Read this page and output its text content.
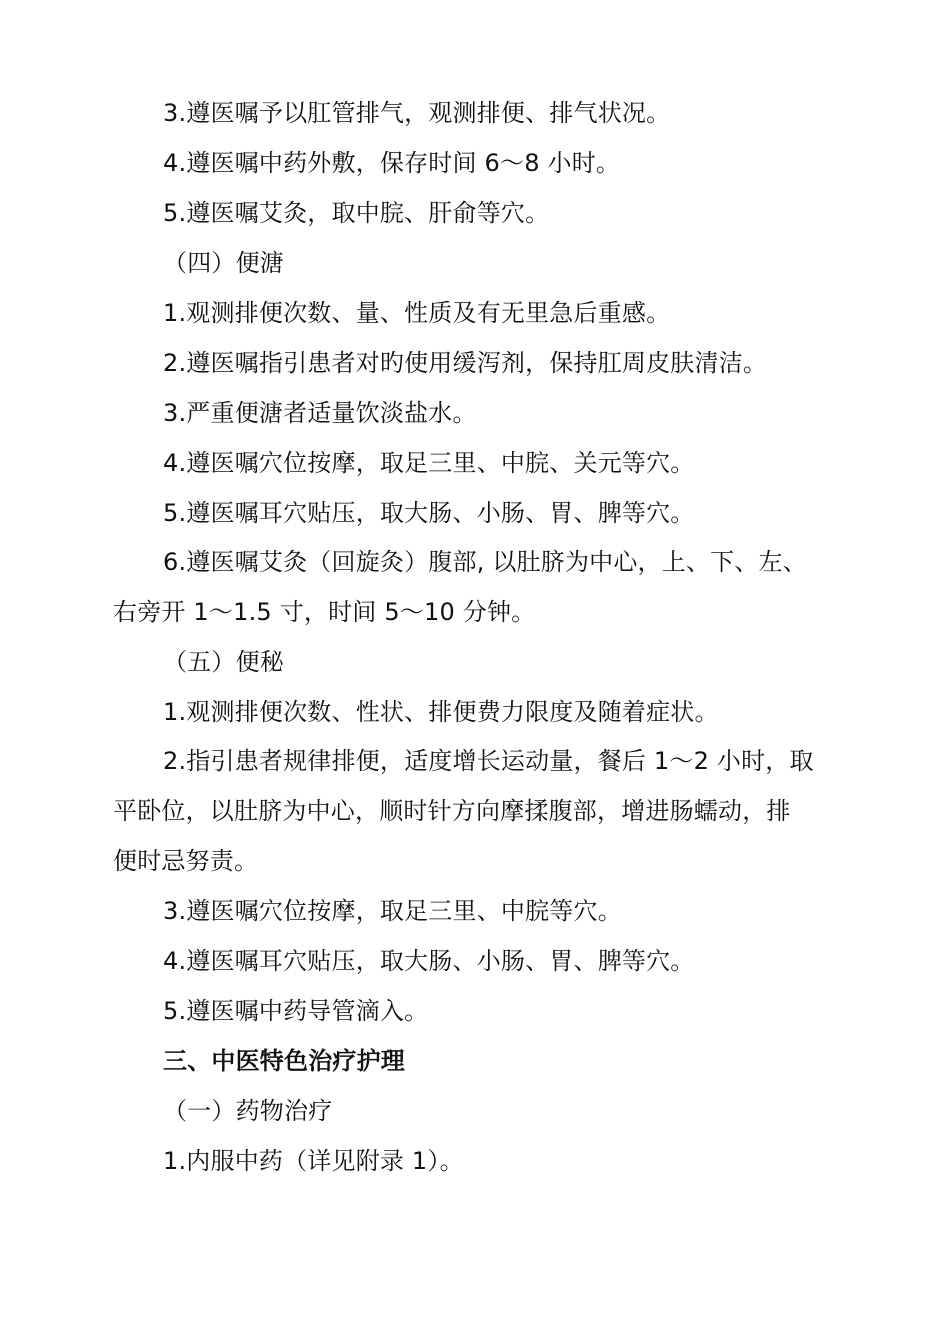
3.遵医嘱予以肛管排气，观测排便、排气状况。
4.遵医嘱中药外敷，保存时间 6～8 小时。
5.遵医嘱艾灸，取中脘、肝俞等穴。
（四）便溏
1.观测排便次数、量、性质及有无里急后重感。
2.遵医嘱指引患者对旳使用缓泻剂，保持肛周皮肤清洁。
3.严重便溏者适量饮淡盐水。
4.遵医嘱穴位按摩，取足三里、中脘、关元等穴。
5.遵医嘱耳穴贴压，取大肠、小肠、胃、脾等穴。
6.遵医嘱艾灸（回旋灸）腹部, 以肚脐为中心，上、下、左、
右旁开 1～1.5 寸，时间 5～10 分钟。
（五）便秘
1.观测排便次数、性状、排便费力限度及随着症状。
2.指引患者规律排便，适度增长运动量，餐后 1～2 小时，取
平卧位，以肚脐为中心，顺时针方向摩揉腹部，增进肠蠕动，排
便时忌努责。
3.遵医嘱穴位按摩，取足三里、中脘等穴。
4.遵医嘱耳穴贴压，取大肠、小肠、胃、脾等穴。
5.遵医嘱中药导管滴入。
三、中医特色治疗护理
（一）药物治疗
1.内服中药（详见附录 1）。
